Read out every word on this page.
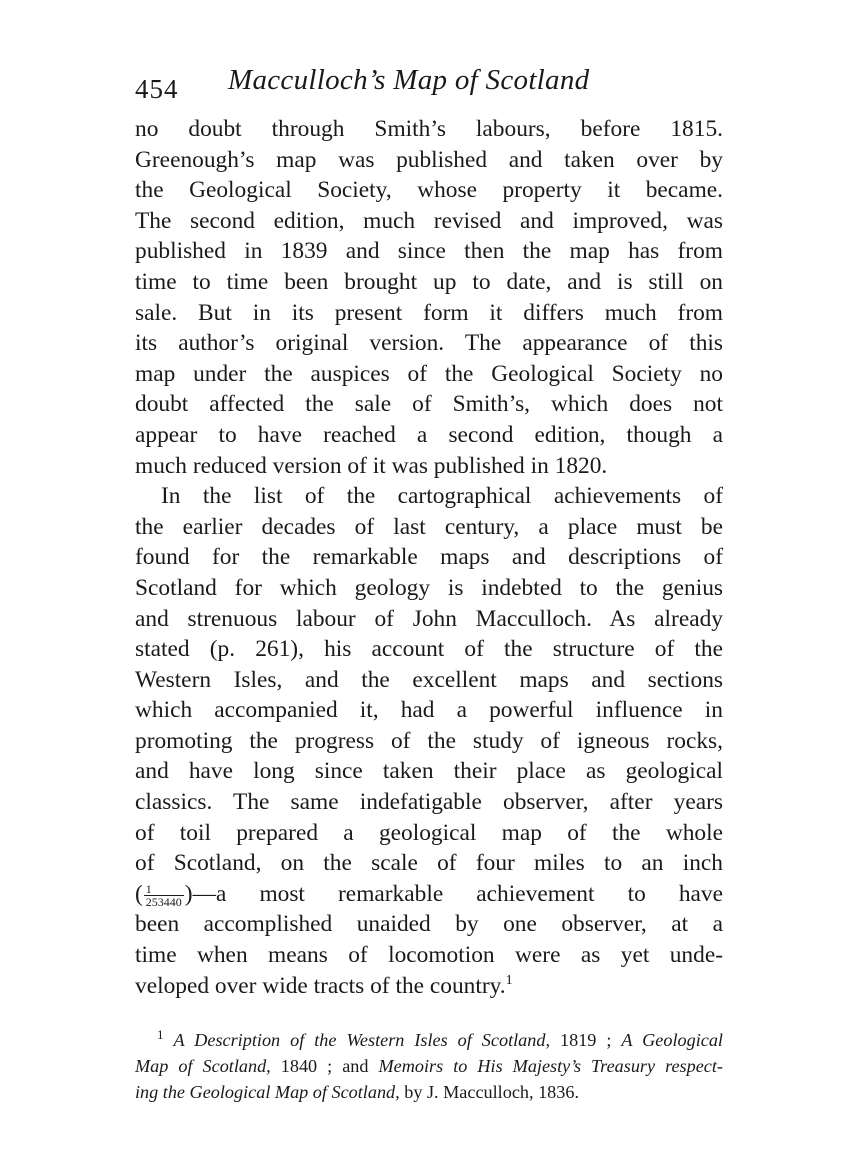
454 Macculloch’s Map of Scotland

no doubt through Smith’s labours, before 1815.
Greenough’s map was published and taken over by
the Geological Society, whose property it became.
The second edition, much revised and improved, was
published in 1839 and since then the map has from
time to time been brought up to date, and is still on
sale. But in its present form it differs much from
its author’s original version. The appearance of this
map under the auspices of the Geological Society no
doubt affected the sale of Smith’s, which does not
appear to have reached a second edition, though a
much reduced version of it was published in 1820.

In the list of the cartographical achievements of
the earlier decades of last century, a place must be
found for the remarkable maps and descriptions of
Scotland for which geology is indebted to the genius
and strenuous labour of John Macculloch. As already
stated (p. 261), his account of the structure of the
Western Isles, and the excellent maps and sections
which accompanied it, had a powerful influence in
promoting the progress of the study of igneous rocks,
and have long since taken their place as geological
classics. The same indefatigable observer, after years
of toil prepared a geological map of the whole
of Scotland, on the scale of four miles to an inch
( $\frac{1}{253440}$ )—a most remarkable achievement to have
been accomplished unaided by one observer, at a
time when means of locomotion were as yet unde-
veloped over wide tracts of the country.$^1$

$^1$ A Description of the Western Isles of Scotland, 1819 ; A Geological
Map of Scotland, 1840 ; and Memoirs to His Majesty’s Treasury respect-
ing the Geological Map of Scotland, by J. Macculloch, 1836.
